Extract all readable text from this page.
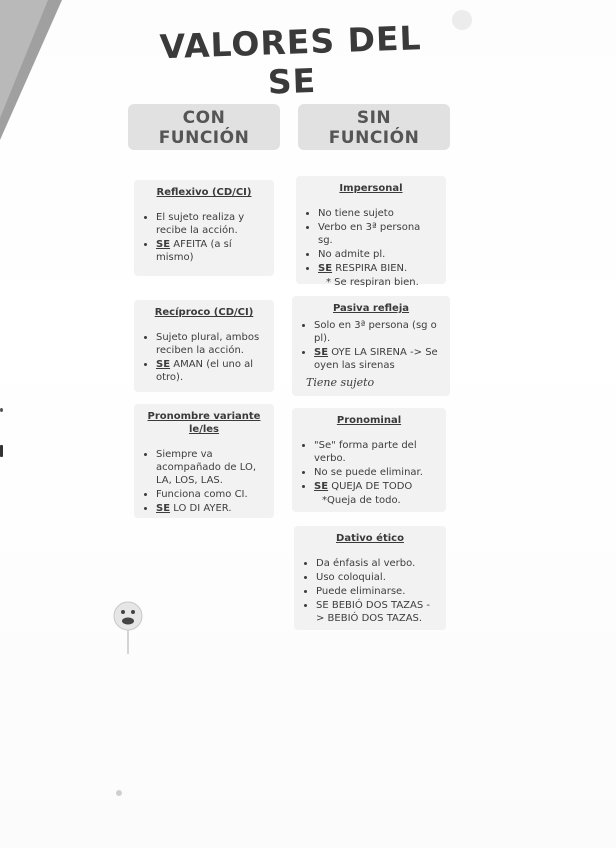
VALORES DEL SE
CON
FUNCIÓN
SIN
FUNCIÓN
Reflexivo (CD/CI)
• El sujeto realiza y recibe la acción.
• SE AFEITA (a sí mismo)
Recíproco (CD/CI)
• Sujeto plural, ambos reciben la acción.
• SE AMAN (el uno al otro).
Pronombre variante le/les
• Siempre va acompañado de LO, LA, LOS, LAS.
• Funciona como CI.
• SE LO DI AYER.
Impersonal
• No tiene sujeto
• Verbo en 3ª persona sg.
• No admite pl.
• SE RESPIRA BIEN.
* Se respiran bien.
Pasiva refleja
• Solo en 3ª persona (sg o pl).
• SE OYE LA SIRENA -> Se oyen las sirenas
Tiene sujeto
Pronominal
• "Se" forma parte del verbo.
• No se puede eliminar.
• SE QUEJA DE TODO
*Queja de todo.
Dativo ético
• Da énfasis al verbo.
• Uso coloquial.
• Puede eliminarse.
• SE BEBIÓ DOS TAZAS -> BEBIÓ DOS TAZAS.
